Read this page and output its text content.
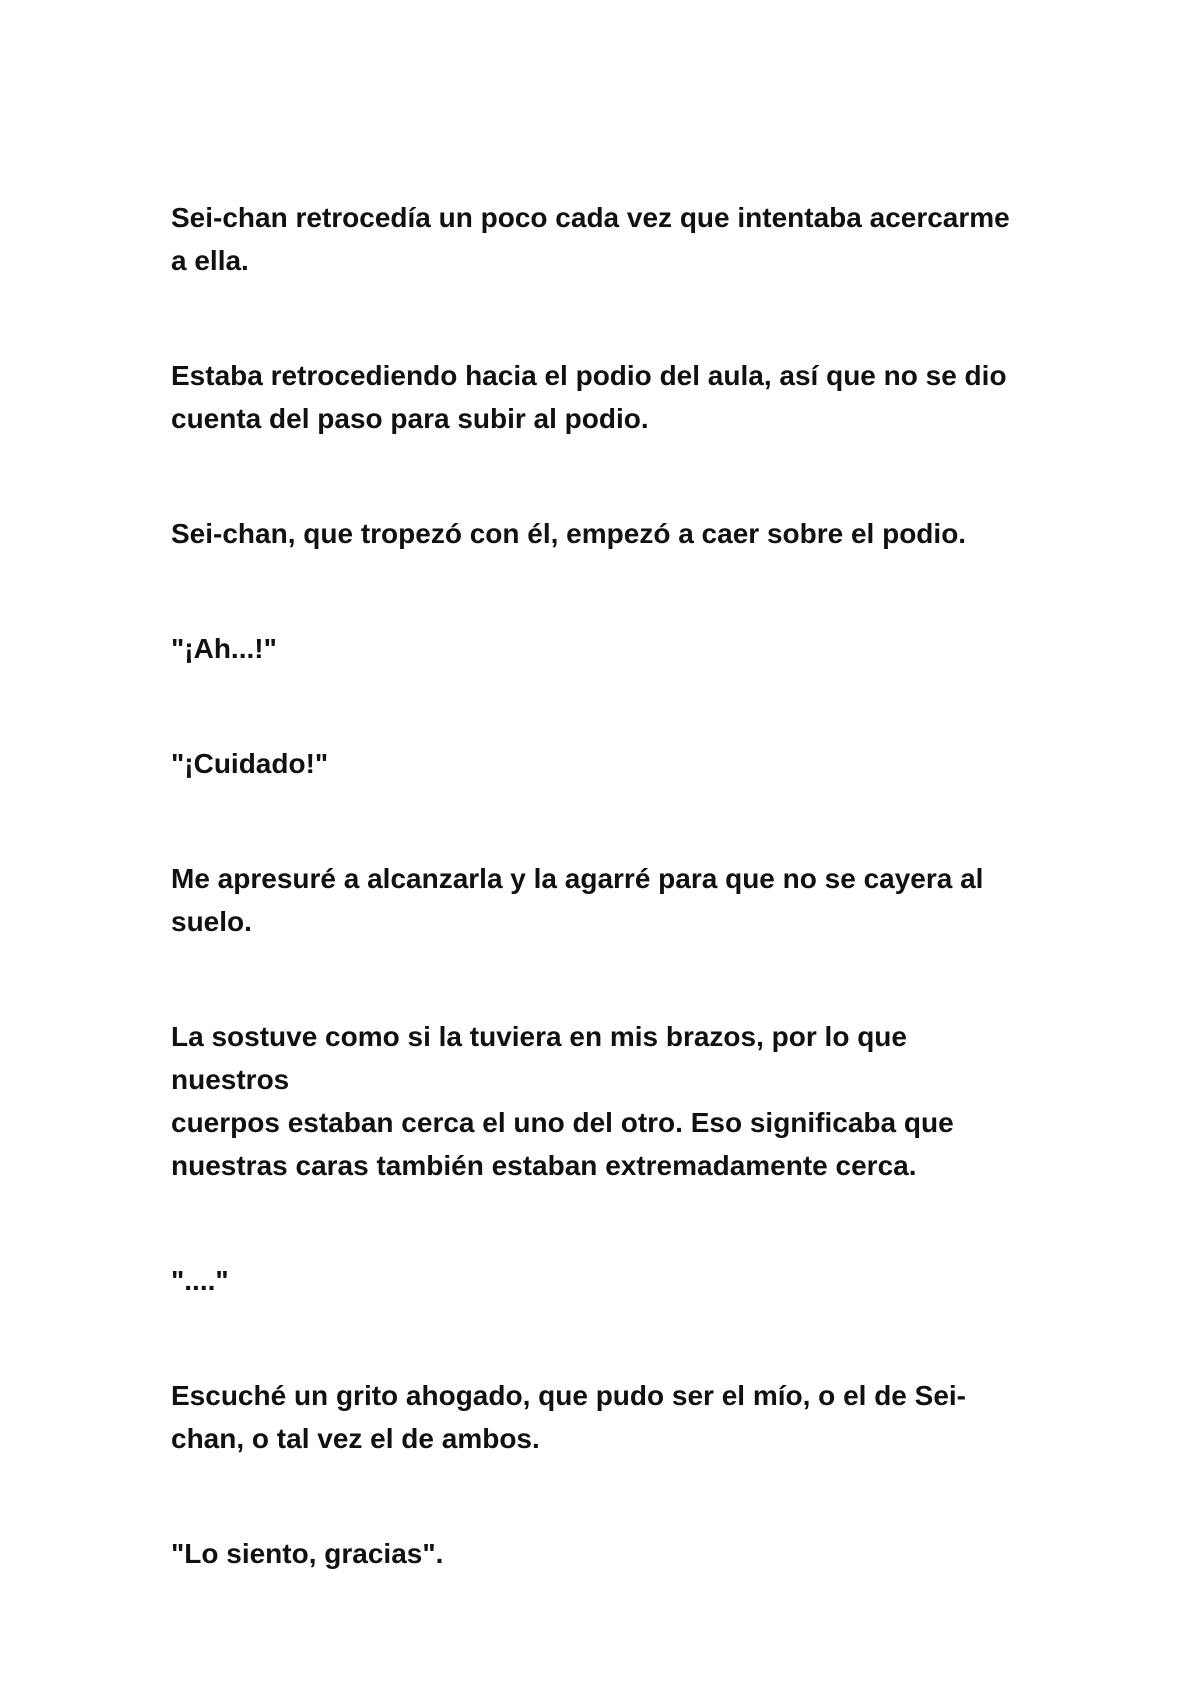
Sei-chan retrocedía un poco cada vez que intentaba acercarme
a ella.

Estaba retrocediendo hacia el podio del aula, así que no se dio
cuenta del paso para subir al podio.

Sei-chan, que tropezó con él, empezó a caer sobre el podio.

"¡Ah...!"

"¡Cuidado!"

Me apresuré a alcanzarla y la agarré para que no se cayera al
suelo.

La sostuve como si la tuviera en mis brazos, por lo que nuestros
cuerpos estaban cerca el uno del otro. Eso significaba que
nuestras caras también estaban extremadamente cerca.

"...."

Escuché un grito ahogado, que pudo ser el mío, o el de Sei-
chan, o tal vez el de ambos.

"Lo siento, gracias".
